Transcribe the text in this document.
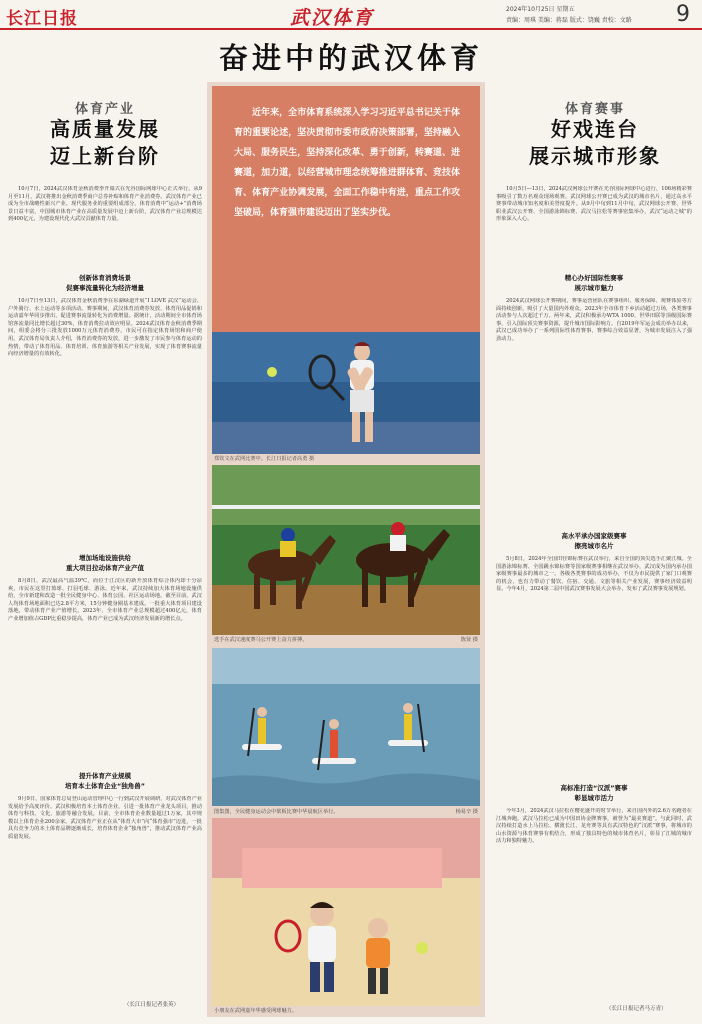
长江日报	武汉体育	2024年10月25日 星期五
责编：周琪 美编：蒋磊 版式：饶巍 责校：文路 9
奋进中的武汉体育
近年来，全市体育系统深入学习习近平总书记关于体育的重要论述，坚决贯彻市委市政府决策部署，坚持融入大局、服务民生，坚持深化改革、勇于创新，转赛道、进赛道，加力道，以经营城市理念统筹推进群体育、竞技体育、体育产业协调发展，全面工作稳中有进，重点工作攻坚破局，体育强市建设迈出了坚实步伐。
郑钦文在武网比赛中。长江日报记者高勇 摄
选手在武汉速度赛马公开赛上奋力拼搏。	陈贤 摄
图集图，全民健身运动会中桨板比赛中华晨航区举行。	杨易辛 摄
小朋友在武网嘉年华感受网球魅力。
体育产业
高质量发展
迈上新台阶
10月7日，2024武汉体育金秋消费季开幕式在光谷国际网球中心正式举行。从9月至11月，武汉将推出金秋消费季商户总券补贴和体育产业消费券。武汉体育产业已成为全市战略性新兴产业、现代服务业的重要组成部分。体育消费中“运动+”消费场景日益丰富，中国城市体育产业在高质量发展中迈上新台阶，武汉体育产业总规模达到400亿元，为建设现代化大武汉贡献体育力量。
创新体育消费场景
促赛事流量转化为经济增量
10月7日至13日，武汉体育金秋消费季在东湖绿道开展“I LOVE 武汉”运动会、户外骑行、水上运动等多项活动。赛事期间，武汉体育消费券发放、体育用品促销和运动嘉年华同步推出，促进赛事流量转化为消费增量。据统计，活动期间全市体育场馆客流量同比增长超过30%，体育消费拉动效应明显。2024武汉体育金秋消费季期间，组委会将分三批发放1000万元体育消费券，市民可在指定体育场馆和商户使用。武汉体育局负责人介绍，体育消费券的发放，进一步激发了市民参与体育运动的热情，带动了体育用品、体育培训、体育旅游等相关产业发展，实现了体育赛事流量向经济增量的有效转化。
增加场地设施供给
重大项目拉动体育产业产值
8月8日，武汉最高气温39℃，而位于江汉区的新开放体育综合体内却十分凉爽，市民在这里打篮球、打羽毛球、游泳。近年来，武汉持续加大体育场地设施供给，全市新建和改造一批全民健身中心、体育公园、社区运动场地。截至目前，武汉人均体育场地面积已达2.8平方米，15分钟健身圈基本建成。一批重大体育项目建设落地，带动体育产业产值增长。2023年，全市体育产业总规模超过400亿元，体育产业增加值占GDP比重稳步提高，体育产业已成为武汉经济发展新的增长点。
提升体育产业规模
培育本土体育企业“独角兽”
9月9日，国家体育总局登山运动管理中心一行到武汉开展调研，对武汉体育产业发展给予高度评价。武汉积极培育本土体育企业，引进一批体育产业龙头项目，推动体育与科技、文化、旅游等融合发展。目前，全市体育企业数量超过1万家，其中规模以上体育企业200余家。武汉体育产业正在从“体育大市”向“体育强市”迈进，一批具有竞争力的本土体育品牌逐渐成长，培育体育企业“独角兽”，推动武汉体育产业高质量发展。
（长江日报记者张英）
体育赛事
好戏连台
展示城市形象
10月5日—13日，2024武汉网球公开赛在光谷国际网球中心进行，106场精彩赛事吸引了数万名观众现场观赛。武汉网球公开赛已成为武汉的城市名片，通过高水平赛事带动城市知名度和美誉度提升。从9月中旬到11月中旬，武汉网球公开赛、世界职业武汉公开赛、全国游泳锦标赛、武汉马拉松等赛事密集举办，武汉“运动之城”的形象深入人心。
精心办好国际性赛事
展示城市魅力
2024武汉网球公开赛期间，赛事运营团队在赛事组织、服务保障、观赛体验等方面持续创新，吸引了大量国内外观众。2023年全市体育下乡活动超过万场，各类赛事活动参与人次超过千万。两年来，武汉积极承办WTA 1000、世界田联等顶级国际赛事，引入国际顶尖赛事资源，提升城市国际影响力。自2019年军运会成功举办以来，武汉已成功举办了一系列国际性体育赛事，赛事综合效益显著，为城市发展注入了强劲动力。
高水平承办国家级赛事
擦亮城市名片
5月8日，2024年全国田径锦标赛在武汉举行，来自全国的顶尖选手汇聚江城。全国游泳锦标赛、全国跳水锦标赛等国家级赛事相继在武汉举办，武汉成为国内承办国家级赛事最多的城市之一。各级各类赛事的成功举办，不仅为市民提供了家门口观赛的机会，也有力带动了餐饮、住宿、交通、文旅等相关产业发展，赛事经济效益明显。今年4月，2024第二届中国武汉赛事发展大会举办，发布了武汉赛事发展规划。
高标准打造“汉派”赛事
彰显城市活力
今年3月，2024武汉马拉松在樱花盛开的时节举行，来自国内外的2.6万名跑者在江城奔跑。武汉马拉松已成为中国田协金牌赛事，被誉为“最美赛道”。与此同时，武汉持续打造水上马拉松、横渡长江、龙舟赛等具有武汉特色的“汉派”赛事，将城市的山水资源与体育赛事有机结合，形成了独具特色的城市体育名片，彰显了江城的城市活力和独特魅力。
（长江日报记者马万青）
